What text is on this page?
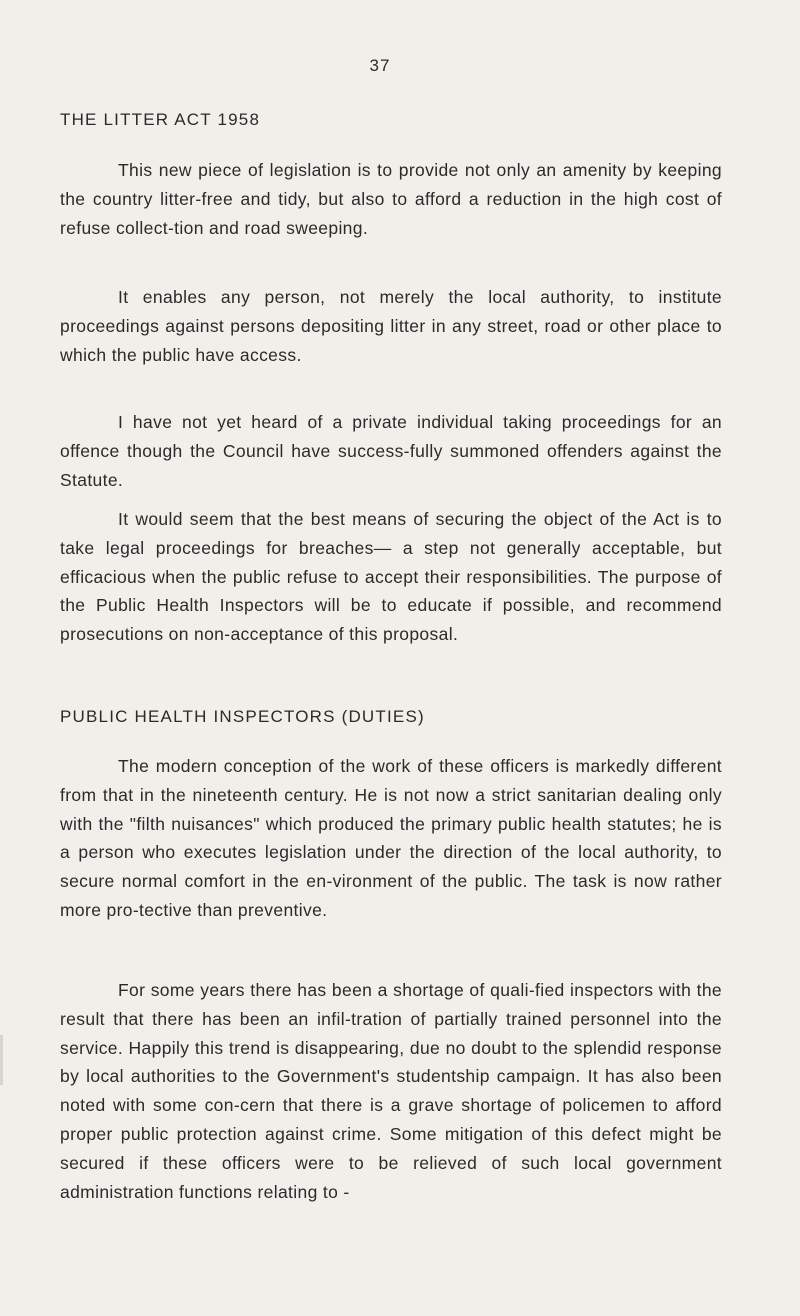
37
THE LITTER ACT 1958

This new piece of legislation is to provide not only an amenity by keeping the country litter-free and tidy, but also to afford a reduction in the high cost of refuse collect-tion and road sweeping.

It enables any person, not merely the local authority, to institute proceedings against persons depositing litter in any street, road or other place to which the public have access.

I have not yet heard of a private individual taking proceedings for an offence though the Council have success-fully summoned offenders against the Statute.

It would seem that the best means of securing the object of the Act is to take legal proceedings for breaches— a step not generally acceptable, but efficacious when the public refuse to accept their responsibilities. The purpose of the Public Health Inspectors will be to educate if possible, and recommend prosecutions on non-acceptance of this proposal.

PUBLIC HEALTH INSPECTORS (DUTIES)

The modern conception of the work of these officers is markedly different from that in the nineteenth century. He is not now a strict sanitarian dealing only with the "filth nuisances" which produced the primary public health statutes; he is a person who executes legislation under the direction of the local authority, to secure normal comfort in the en-vironment of the public. The task is now rather more pro-tective than preventive.

For some years there has been a shortage of quali-fied inspectors with the result that there has been an infil-tration of partially trained personnel into the service. Happily this trend is disappearing, due no doubt to the splendid response by local authorities to the Government's studentship campaign. It has also been noted with some con-cern that there is a grave shortage of policemen to afford proper public protection against crime. Some mitigation of this defect might be secured if these officers were to be relieved of such local government administration functions relating to -
